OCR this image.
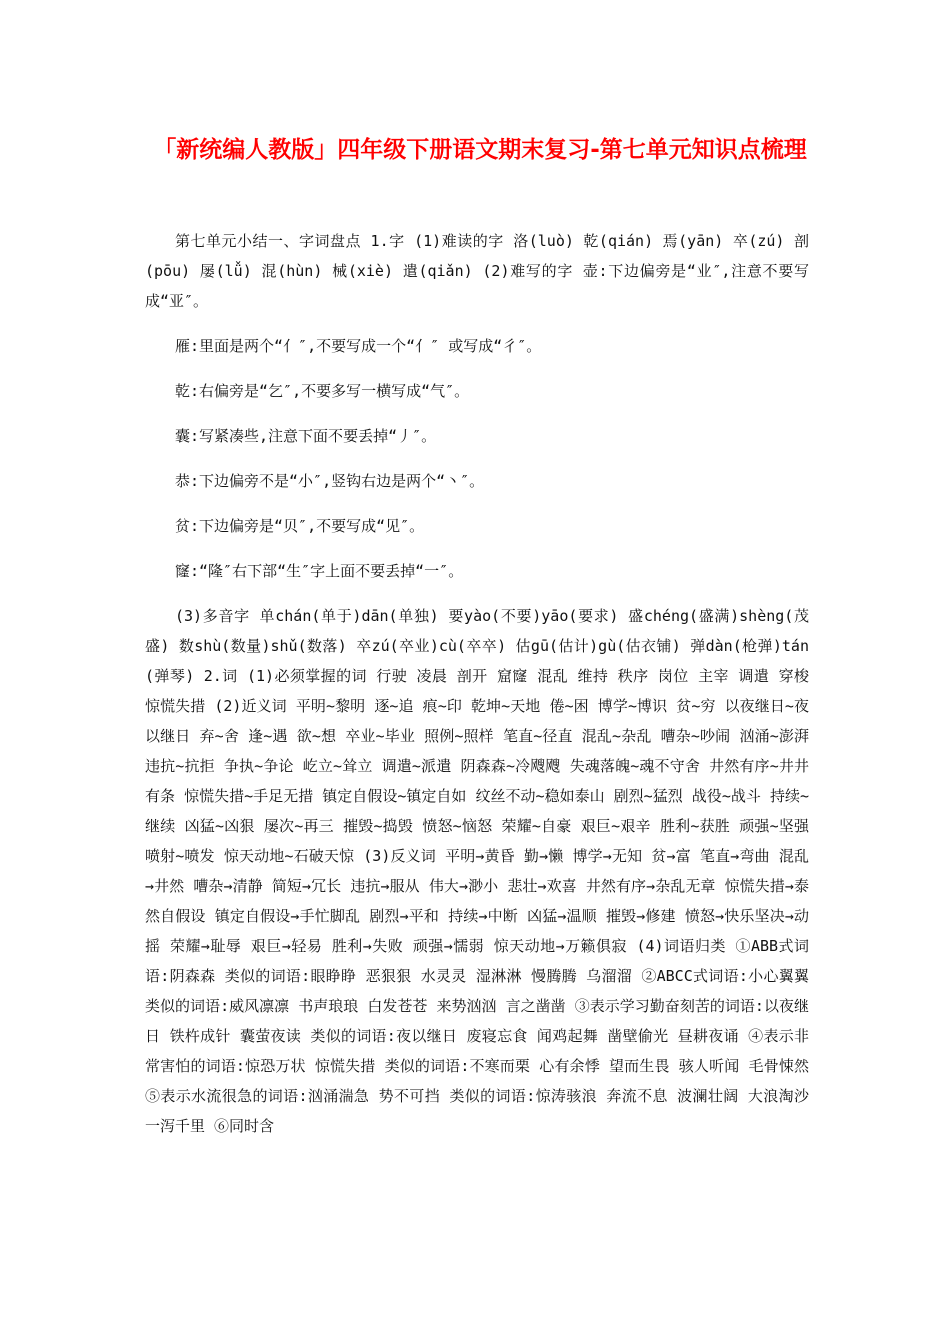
「新统编人教版」四年级下册语文期末复习-第七单元知识点梳理

第七单元小结一、字词盘点 1.字 (1)难读的字 洛(luò) 乾(qián) 焉(yān) 卒(zú) 剖(pōu) 屡(lǚ) 混(hùn) 械(xiè) 遣(qiǎn) (2)难写的字 壶:下边偏旁是“业″,注意不要写成“亚″。

雁:里面是两个“亻″,不要写成一个“亻″ 或写成“彳″。

乾:右偏旁是“乞″,不要多写一横写成“气″。

囊:写紧凑些,注意下面不要丢掉“丿″。

恭:下边偏旁不是“小″,竖钩右边是两个“丶″。

贫:下边偏旁是“贝″,不要写成“见″。

窿:“隆″右下部“生″字上面不要丢掉“一″。

(3)多音字 单chán(单于)dān(单独) 要yào(不要)yāo(要求) 盛chéng(盛满)shèng(茂盛) 数shù(数量)shǔ(数落) 卒zú(卒业)cù(卒卒) 估gū(估计)gù(估衣铺) 弹dàn(枪弹)tán(弹琴) 2.词 (1)必须掌握的词 行驶 凌晨 剖开 窟窿 混乱 维持 秩序 岗位 主宰 调遣 穿梭 惊慌失措 (2)近义词 平明~黎明 逐~追 痕~印 乾坤~天地 倦~困 博学~博识 贫~穷 以夜继日~夜以继日 弃~舍 逢~遇 欲~想 卒业~毕业 照例~照样 笔直~径直 混乱~杂乱 嘈杂~吵闹 汹涌~澎湃 违抗~抗拒 争执~争论 屹立~耸立 调遣~派遣 阴森森~冷飕飕 失魂落魄~魂不守舍 井然有序~井井有条 惊慌失措~手足无措 镇定自假设~镇定自如 纹丝不动~稳如泰山 剧烈~猛烈 战役~战斗 持续~继续 凶猛~凶狠 屡次~再三 摧毁~捣毁 愤怒~恼怒 荣耀~自豪 艰巨~艰辛 胜利~获胜 顽强~坚强 喷射~喷发 惊天动地~石破天惊 (3)反义词 平明→黄昏 勤→懒 博学→无知 贫→富 笔直→弯曲 混乱→井然 嘈杂→清静 简短→冗长 违抗→服从 伟大→渺小 悲壮→欢喜 井然有序→杂乱无章 惊慌失措→泰然自假设 镇定自假设→手忙脚乱 剧烈→平和 持续→中断 凶猛→温顺 摧毁→修建 愤怒→快乐坚决→动摇 荣耀→耻辱 艰巨→轻易 胜利→失败 顽强→懦弱 惊天动地→万籁俱寂 (4)词语归类 ①ABB式词语:阴森森 类似的词语:眼睁睁 恶狠狠 水灵灵 湿淋淋 慢腾腾 乌溜溜 ②ABCC式词语:小心翼翼 类似的词语:威风凛凛 书声琅琅 白发苍苍 来势汹汹 言之凿凿 ③表示学习勤奋刻苦的词语:以夜继日 铁杵成针 囊萤夜读 类似的词语:夜以继日 废寝忘食 闻鸡起舞 凿壁偷光 昼耕夜诵 ④表示非常害怕的词语:惊恐万状 惊慌失措 类似的词语:不寒而栗 心有余悸 望而生畏 骇人听闻 毛骨悚然 ⑤表示水流很急的词语:汹涌湍急 势不可挡 类似的词语:惊涛骇浪 奔流不息 波澜壮阔 大浪淘沙 一泻千里 ⑥同时含
